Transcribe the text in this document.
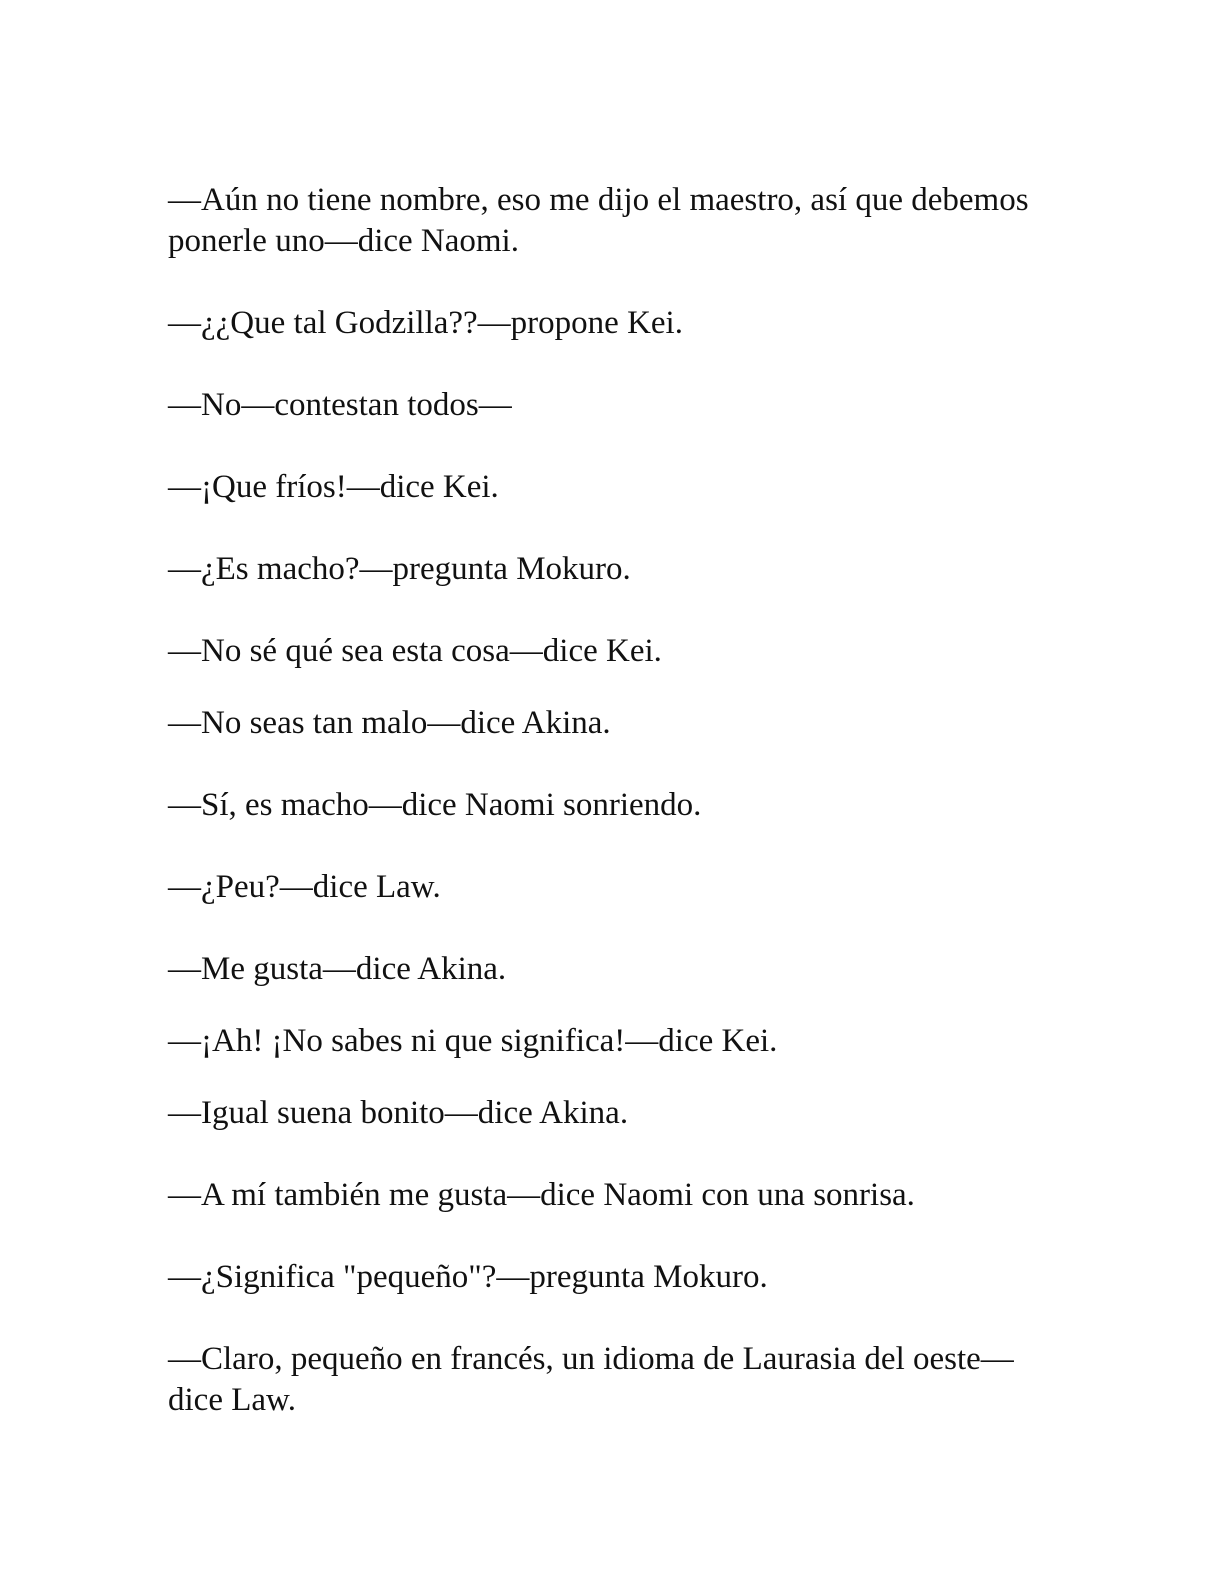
—Aún no tiene nombre, eso me dijo el maestro, así que debemos ponerle uno—dice Naomi.

—¿¿Que tal Godzilla??—propone Kei.

—No—contestan todos—

—¡Que fríos!—dice Kei.

—¿Es macho?—pregunta Mokuro.

—No sé qué sea esta cosa—dice Kei.

—No seas tan malo—dice Akina.

—Sí, es macho—dice Naomi sonriendo.

—¿Peu?—dice Law.

—Me gusta—dice Akina.

—¡Ah! ¡No sabes ni que significa!—dice Kei.

—Igual suena bonito—dice Akina.

—A mí también me gusta—dice Naomi con una sonrisa.

—¿Significa "pequeño"?—pregunta Mokuro.

—Claro, pequeño en francés, un idioma de Laurasia del oeste—dice Law.
